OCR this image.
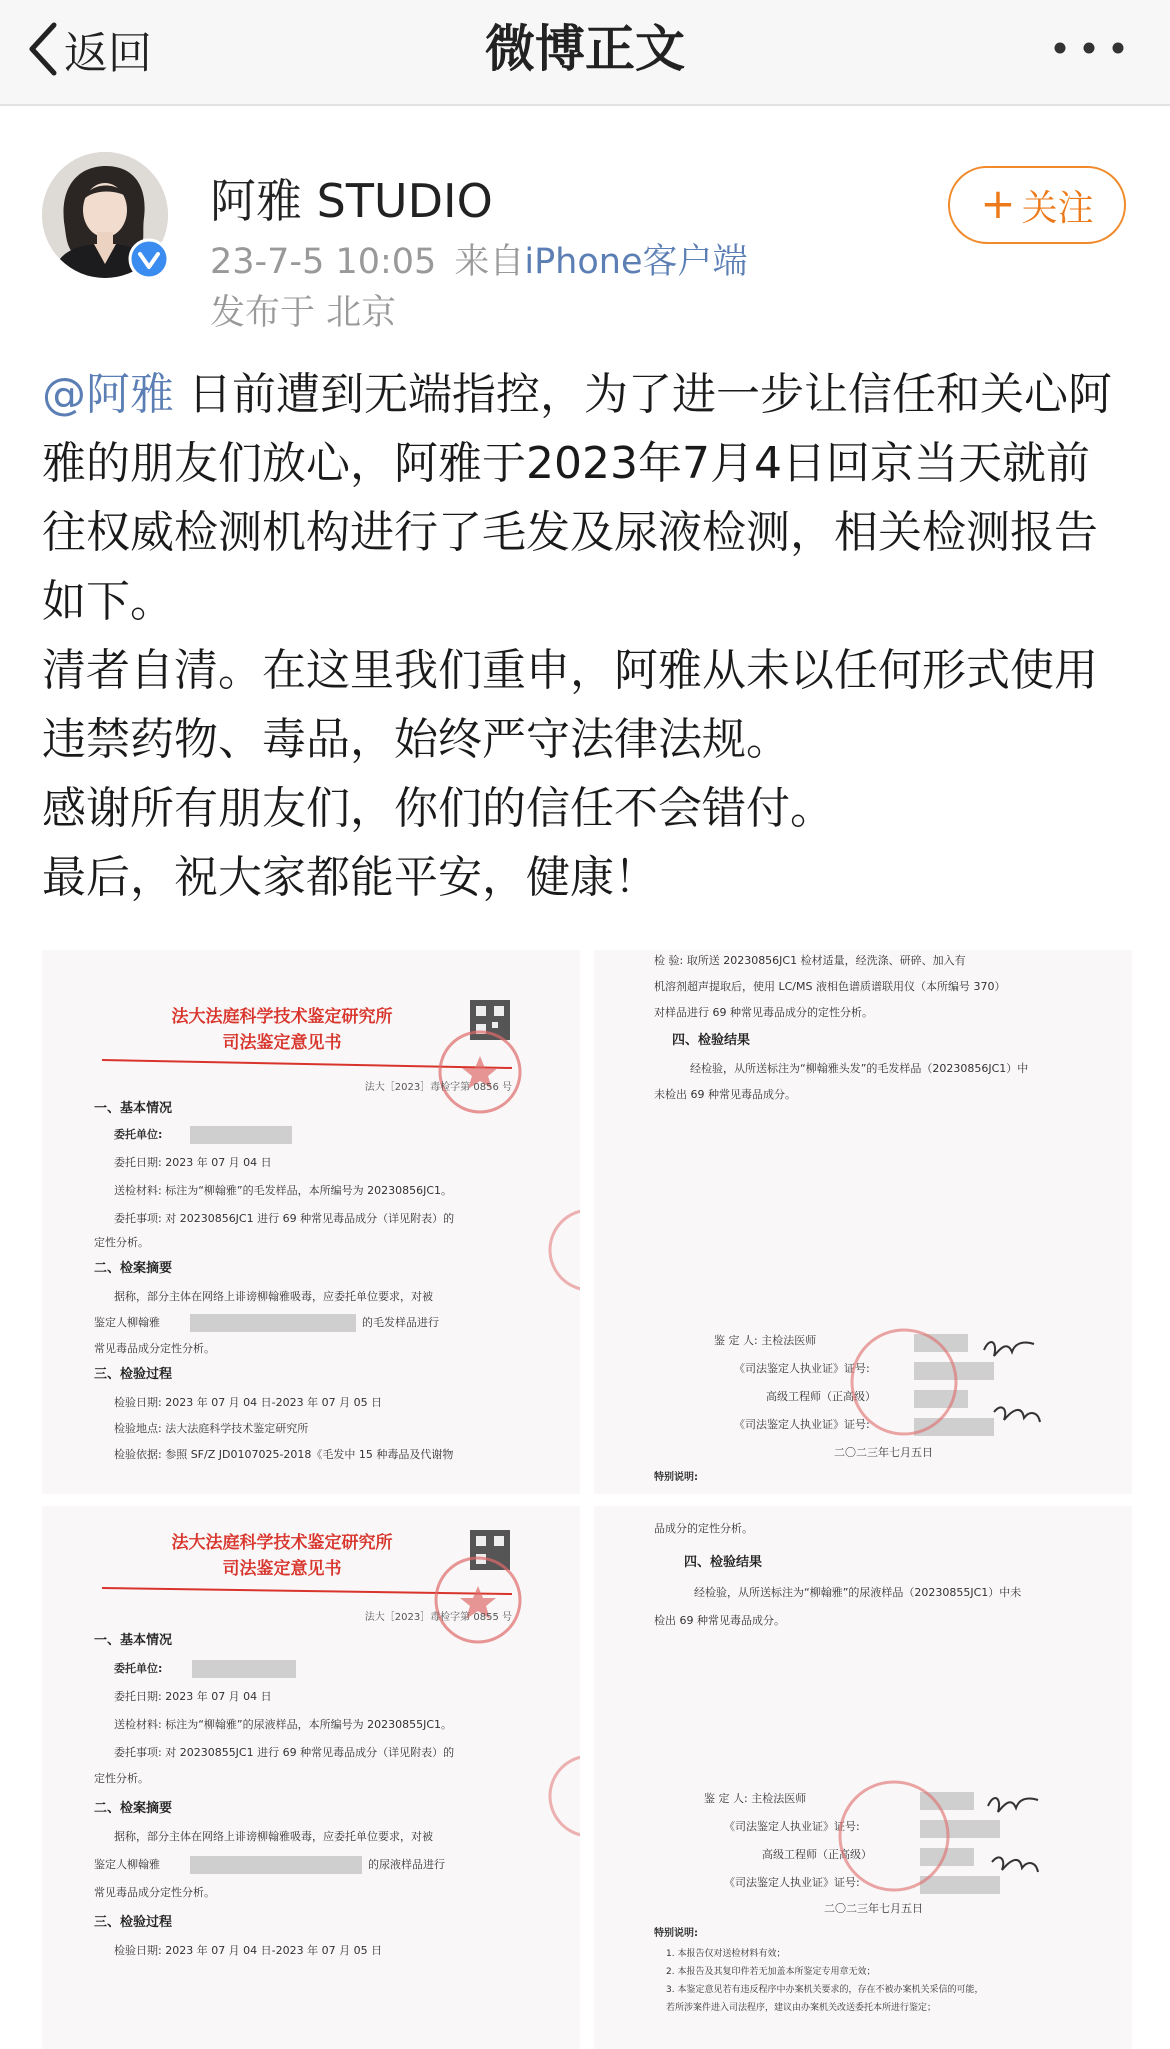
返回	微博正文
阿雅 STUDIO
23-7-5 10:05 来自iPhone客户端
发布于 北京
+ 关注

@阿雅 日前遭到无端指控，为了进一步让信任和关心阿雅的朋友们放心，阿雅于2023年7月4日回京当天就前往权威检测机构进行了毛发及尿液检测，相关检测报告如下。

清者自清。在这里我们重申，阿雅从未以任何形式使用违禁药物、毒品，始终严守法律法规。

感谢所有朋友们，你们的信任不会错付。

最后，祝大家都能平安，健康！

法大法庭科学技术鉴定研究所
司法鉴定意见书
法大［2023］毒检字第 0856 号
一、基本情况
委托单位:
委托日期: 2023 年 07 月 04 日
送检材料: 标注为“柳翰雅”的毛发样品，本所编号为 20230856JC1。
委托事项: 对 20230856JC1 进行 69 种常见毒品成分（详见附表）的
定性分析。
二、检案摘要
据称，部分主体在网络上诽谤柳翰雅吸毒，应委托单位要求，对被
鉴定人柳翰雅	的毛发样品进行
常见毒品成分定性分析。
三、检验过程
检验日期: 2023 年 07 月 04 日-2023 年 07 月 05 日
检验地点: 法大法庭科学技术鉴定研究所
检验依据: 参照 SF/Z JD0107025-2018《毛发中 15 种毒品及代谢物
检 验: 取所送 20230856JC1 检材适量，经洗涤、研碎、加入有
机溶剂超声提取后，使用 LC/MS 液相色谱质谱联用仪（本所编号 370）
对样品进行 69 种常见毒品成分的定性分析。
四、检验结果
经检验，从所送标注为“柳翰雅头发”的毛发样品（20230856JC1）中
未检出 69 种常见毒品成分。
鉴 定 人: 主检法医师
《司法鉴定人执业证》证号:
高级工程师（正高级）
《司法鉴定人执业证》证号:
二〇二三年七月五日
特别说明:
法大法庭科学技术鉴定研究所
司法鉴定意见书
法大［2023］毒检字第 0855 号
一、基本情况
委托单位:
委托日期: 2023 年 07 月 04 日
送检材料: 标注为“柳翰雅”的尿液样品，本所编号为 20230855JC1。
委托事项: 对 20230855JC1 进行 69 种常见毒品成分（详见附表）的
定性分析。
二、检案摘要
据称，部分主体在网络上诽谤柳翰雅吸毒，应委托单位要求，对被
鉴定人柳翰雅	的尿液样品进行
常见毒品成分定性分析。
三、检验过程
检验日期: 2023 年 07 月 04 日-2023 年 07 月 05 日
品成分的定性分析。
四、检验结果
经检验，从所送标注为“柳翰雅”的尿液样品（20230855JC1）中未
检出 69 种常见毒品成分。
鉴 定 人: 主检法医师
《司法鉴定人执业证》证号:
高级工程师（正高级）
《司法鉴定人执业证》证号:
二〇二三年七月五日
特别说明:
1. 本报告仅对送检材料有效；
2. 本报告及其复印件若无加盖本所鉴定专用章无效；
3. 本鉴定意见若有违反程序中办案机关要求的，存在不被办案机关采信的可能，
若所涉案件进入司法程序，建议由办案机关改送委托本所进行鉴定；
